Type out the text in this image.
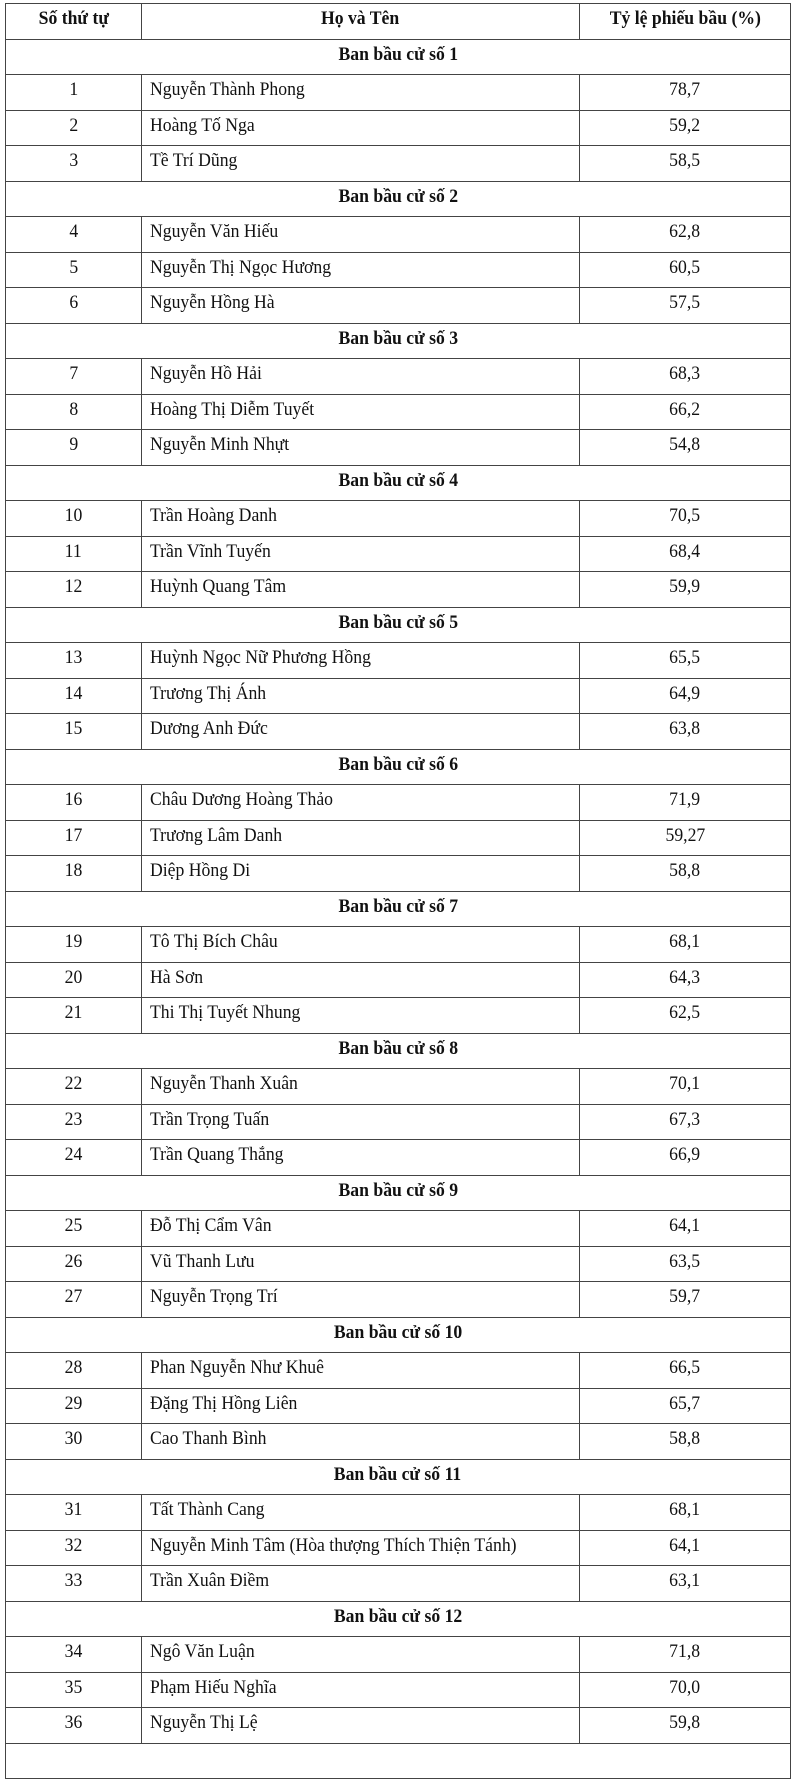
Số thứ tự	Họ và Tên	Tỷ lệ phiếu bầu (%)
Ban bầu cử số 1		
1	Nguyễn Thành Phong	78,7
2	Hoàng Tố Nga	59,2
3	Tề Trí Dũng	58,5
Ban bầu cử số 2		
4	Nguyễn Văn Hiếu	62,8
5	Nguyễn Thị Ngọc Hương	60,5
6	Nguyễn Hồng Hà	57,5
Ban bầu cử số 3		
7	Nguyễn Hồ Hải	68,3
8	Hoàng Thị Diễm Tuyết	66,2
9	Nguyễn Minh Nhựt	54,8
Ban bầu cử số 4		
10	Trần Hoàng Danh	70,5
11	Trần Vĩnh Tuyến	68,4
12	Huỳnh Quang Tâm	59,9
Ban bầu cử số 5		
13	Huỳnh Ngọc Nữ Phương Hồng	65,5
14	Trương Thị Ánh	64,9
15	Dương Anh Đức	63,8
Ban bầu cử số 6		
16	Châu Dương Hoàng Thảo	71,9
17	Trương Lâm Danh	59,27
18	Diệp Hồng Di	58,8
Ban bầu cử số 7		
19	Tô Thị Bích Châu	68,1
20	Hà Sơn	64,3
21	Thi Thị Tuyết Nhung	62,5
Ban bầu cử số 8		
22	Nguyễn Thanh Xuân	70,1
23	Trần Trọng Tuấn	67,3
24	Trần Quang Thắng	66,9
Ban bầu cử số 9		
25	Đỗ Thị Cẩm Vân	64,1
26	Vũ Thanh Lưu	63,5
27	Nguyễn Trọng Trí	59,7
Ban bầu cử số 10		
28	Phan Nguyễn Như Khuê	66,5
29	Đặng Thị Hồng Liên	65,7
30	Cao Thanh Bình	58,8
Ban bầu cử số 11		
31	Tất Thành Cang	68,1
32	Nguyễn Minh Tâm (Hòa thượng Thích Thiện Tánh)	64,1
33	Trần Xuân Điềm	63,1
Ban bầu cử số 12		
34	Ngô Văn Luận	71,8
35	Phạm Hiếu Nghĩa	70,0
36	Nguyễn Thị Lệ	59,8
